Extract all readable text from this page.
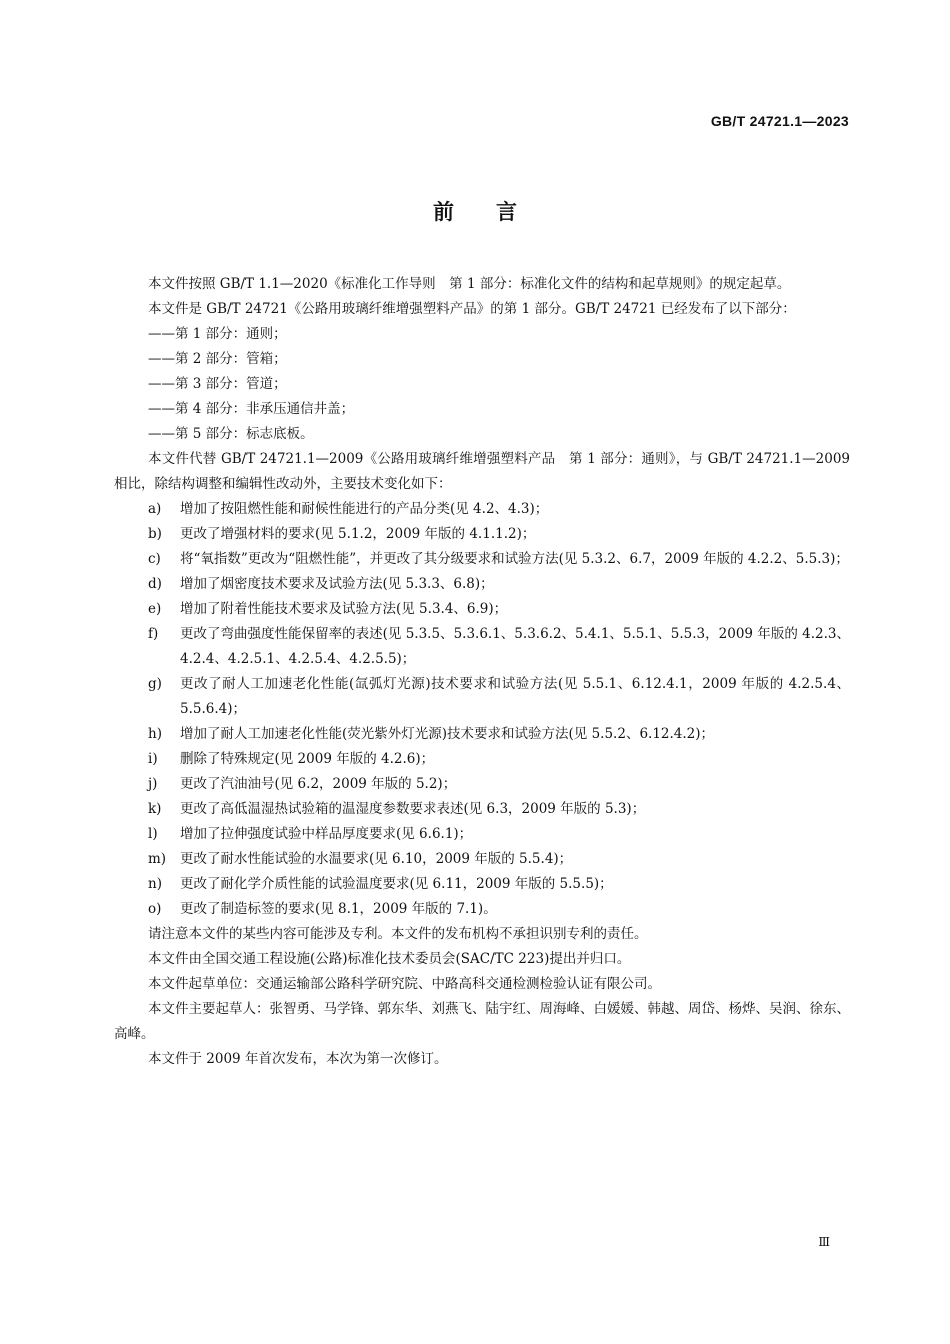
GB/T 24721.1—2023
前言

本文件按照 GB/T 1.1—2020《标准化工作导则　第 1 部分：标准化文件的结构和起草规则》的规定起草。

本文件是 GB/T 24721《公路用玻璃纤维增强塑料产品》的第 1 部分。GB/T 24721 已经发布了以下部分：

——第 1 部分：通则；

——第 2 部分：管箱；

——第 3 部分：管道；

——第 4 部分：非承压通信井盖；

——第 5 部分：标志底板。

本文件代替 GB/T 24721.1—2009《公路用玻璃纤维增强塑料产品　第 1 部分：通则》，与 GB/T 24721.1—2009 相比，除结构调整和编辑性改动外，主要技术变化如下：

a) 增加了按阻燃性能和耐候性能进行的产品分类(见 4.2、4.3)；
b) 更改了增强材料的要求(见 5.1.2，2009 年版的 4.1.1.2)；
c) 将“氧指数”更改为“阻燃性能”，并更改了其分级要求和试验方法(见 5.3.2、6.7，2009 年版的 4.2.2、5.5.3)；
d) 增加了烟密度技术要求及试验方法(见 5.3.3、6.8)；
e) 增加了附着性能技术要求及试验方法(见 5.3.4、6.9)；
f) 更改了弯曲强度性能保留率的表述(见 5.3.5、5.3.6.1、5.3.6.2、5.4.1、5.5.1、5.5.3，2009 年版的 4.2.3、4.2.4、4.2.5.1、4.2.5.4、4.2.5.5)；
g) 更改了耐人工加速老化性能(氙弧灯光源)技术要求和试验方法(见 5.5.1、6.12.4.1，2009 年版的 4.2.5.4、5.5.6.4)；
h) 增加了耐人工加速老化性能(荧光紫外灯光源)技术要求和试验方法(见 5.5.2、6.12.4.2)；
i) 删除了特殊规定(见 2009 年版的 4.2.6)；
j) 更改了汽油油号(见 6.2，2009 年版的 5.2)；
k) 更改了高低温湿热试验箱的温湿度参数要求表述(见 6.3，2009 年版的 5.3)；
l) 增加了拉伸强度试验中样品厚度要求(见 6.6.1)；
m) 更改了耐水性能试验的水温要求(见 6.10，2009 年版的 5.5.4)；
n) 更改了耐化学介质性能的试验温度要求(见 6.11，2009 年版的 5.5.5)；
o) 更改了制造标签的要求(见 8.1，2009 年版的 7.1)。

请注意本文件的某些内容可能涉及专利。本文件的发布机构不承担识别专利的责任。

本文件由全国交通工程设施(公路)标准化技术委员会(SAC/TC 223)提出并归口。

本文件起草单位：交通运输部公路科学研究院、中路高科交通检测检验认证有限公司。

本文件主要起草人：张智勇、马学锋、郭东华、刘燕飞、陆宇红、周海峰、白媛媛、韩越、周岱、杨烨、吴润、徐东、高峰。

本文件于 2009 年首次发布，本次为第一次修订。

Ⅲ
